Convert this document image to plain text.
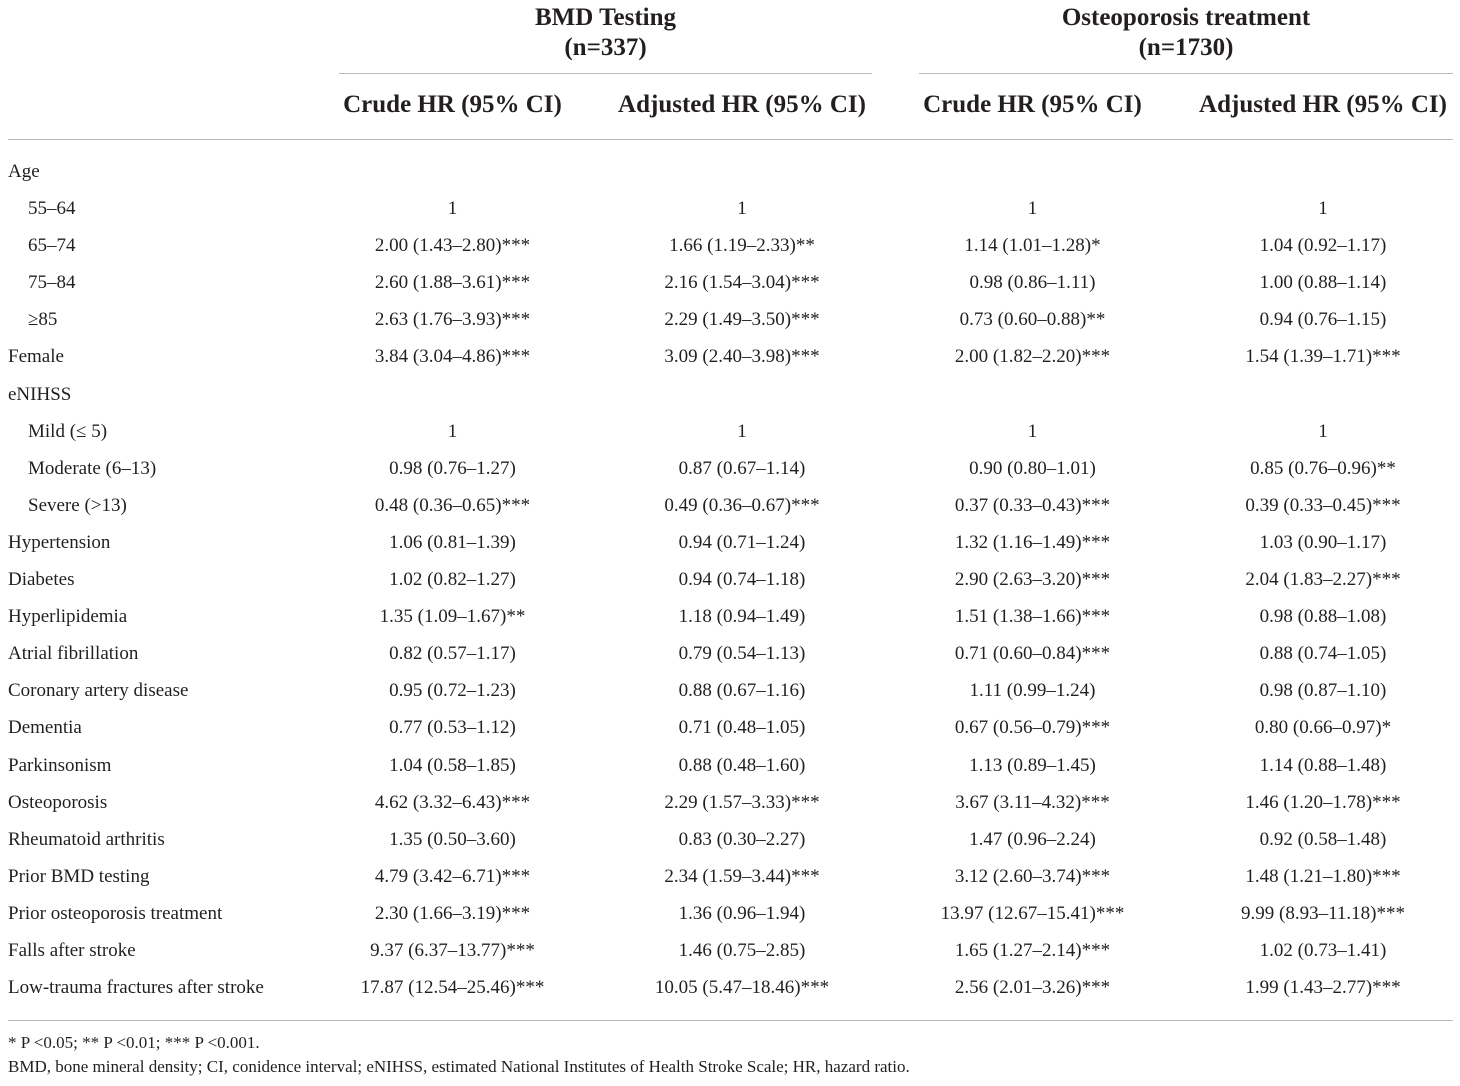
BMD Testing
(n=337)
Osteoporosis treatment
(n=1730)
Crude HR (95% CI) Adjusted HR (95% CI) Crude HR (95% CI) Adjusted HR (95% CI)
Age
55–64	1	1	1	1
65–74	2.00 (1.43–2.80)***	1.66 (1.19–2.33)**	1.14 (1.01–1.28)*	1.04 (0.92–1.17)
75–84	2.60 (1.88–3.61)***	2.16 (1.54–3.04)***	0.98 (0.86–1.11)	1.00 (0.88–1.14)
≥85	2.63 (1.76–3.93)***	2.29 (1.49–3.50)***	0.73 (0.60–0.88)**	0.94 (0.76–1.15)
Female	3.84 (3.04–4.86)***	3.09 (2.40–3.98)***	2.00 (1.82–2.20)***	1.54 (1.39–1.71)***
eNIHSS
Mild (≤ 5)	1	1	1	1
Moderate (6–13)	0.98 (0.76–1.27)	0.87 (0.67–1.14)	0.90 (0.80–1.01)	0.85 (0.76–0.96)**
Severe (>13)	0.48 (0.36–0.65)***	0.49 (0.36–0.67)***	0.37 (0.33–0.43)***	0.39 (0.33–0.45)***
Hypertension	1.06 (0.81–1.39)	0.94 (0.71–1.24)	1.32 (1.16–1.49)***	1.03 (0.90–1.17)
Diabetes	1.02 (0.82–1.27)	0.94 (0.74–1.18)	2.90 (2.63–3.20)***	2.04 (1.83–2.27)***
Hyperlipidemia	1.35 (1.09–1.67)**	1.18 (0.94–1.49)	1.51 (1.38–1.66)***	0.98 (0.88–1.08)
Atrial fibrillation	0.82 (0.57–1.17)	0.79 (0.54–1.13)	0.71 (0.60–0.84)***	0.88 (0.74–1.05)
Coronary artery disease	0.95 (0.72–1.23)	0.88 (0.67–1.16)	1.11 (0.99–1.24)	0.98 (0.87–1.10)
Dementia	0.77 (0.53–1.12)	0.71 (0.48–1.05)	0.67 (0.56–0.79)***	0.80 (0.66–0.97)*
Parkinsonism	1.04 (0.58–1.85)	0.88 (0.48–1.60)	1.13 (0.89–1.45)	1.14 (0.88–1.48)
Osteoporosis	4.62 (3.32–6.43)***	2.29 (1.57–3.33)***	3.67 (3.11–4.32)***	1.46 (1.20–1.78)***
Rheumatoid arthritis	1.35 (0.50–3.60)	0.83 (0.30–2.27)	1.47 (0.96–2.24)	0.92 (0.58–1.48)
Prior BMD testing	4.79 (3.42–6.71)***	2.34 (1.59–3.44)***	3.12 (2.60–3.74)***	1.48 (1.21–1.80)***
Prior osteoporosis treatment	2.30 (1.66–3.19)***	1.36 (0.96–1.94)	13.97 (12.67–15.41)***	9.99 (8.93–11.18)***
Falls after stroke	9.37 (6.37–13.77)***	1.46 (0.75–2.85)	1.65 (1.27–2.14)***	1.02 (0.73–1.41)
Low-trauma fractures after stroke	17.87 (12.54–25.46)***	10.05 (5.47–18.46)***	2.56 (2.01–3.26)***	1.99 (1.43–2.77)***
* P <0.05; ** P <0.01; *** P <0.001.
BMD, bone mineral density; CI, conidence interval; eNIHSS, estimated National Institutes of Health Stroke Scale; HR, hazard ratio.
